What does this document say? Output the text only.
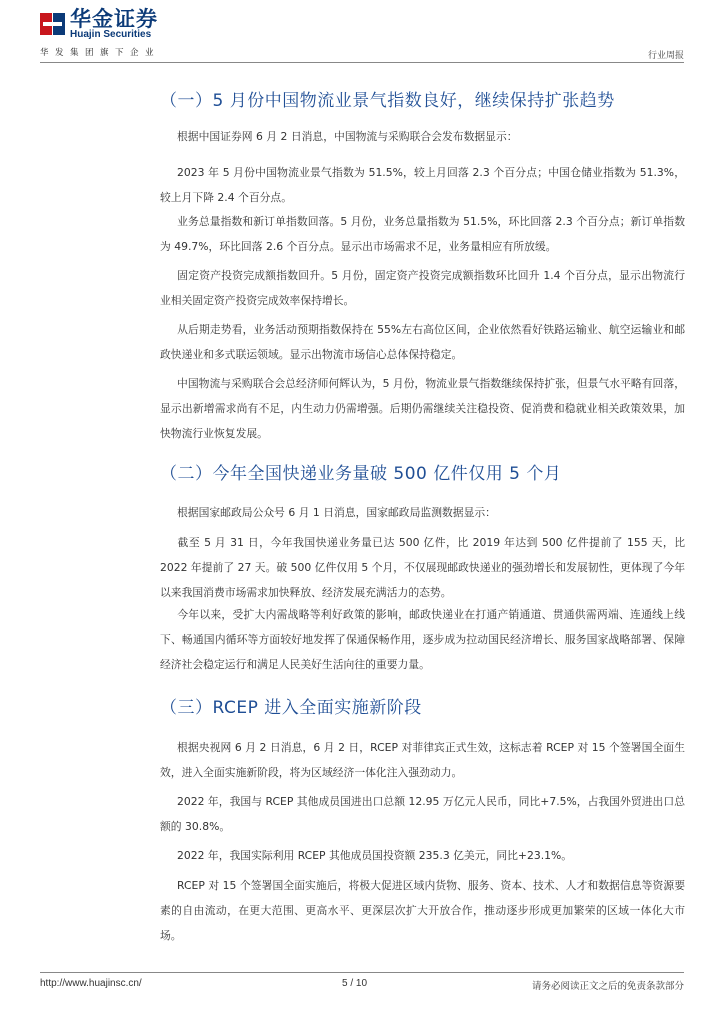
华金证券
Huajin Securities
华发集团旗下企业	行业周报
（一）5 月份中国物流业景气指数良好，继续保持扩张趋势

根据中国证券网 6 月 2 日消息，中国物流与采购联合会发布数据显示：

2023 年 5 月份中国物流业景气指数为 51.5%，较上月回落 2.3 个百分点；中国仓储业指数为 51.3%，较上月下降 2.4 个百分点。

业务总量指数和新订单指数回落。5 月份，业务总量指数为 51.5%，环比回落 2.3 个百分点；新订单指数为 49.7%，环比回落 2.6 个百分点。显示出市场需求不足，业务量相应有所放缓。

固定资产投资完成额指数回升。5 月份，固定资产投资完成额指数环比回升 1.4 个百分点，显示出物流行业相关固定资产投资完成效率保持增长。

从后期走势看，业务活动预期指数保持在 55%左右高位区间，企业依然看好铁路运输业、航空运输业和邮政快递业和多式联运领域。显示出物流市场信心总体保持稳定。

中国物流与采购联合会总经济师何辉认为，5 月份，物流业景气指数继续保持扩张，但景气水平略有回落，显示出新增需求尚有不足，内生动力仍需增强。后期仍需继续关注稳投资、促消费和稳就业相关政策效果，加快物流行业恢复发展。

（二）今年全国快递业务量破 500 亿件仅用 5 个月

根据国家邮政局公众号 6 月 1 日消息，国家邮政局监测数据显示：

截至 5 月 31 日，今年我国快递业务量已达 500 亿件，比 2019 年达到 500 亿件提前了 155 天，比 2022 年提前了 27 天。破 500 亿件仅用 5 个月，不仅展现邮政快递业的强劲增长和发展韧性，更体现了今年以来我国消费市场需求加快释放、经济发展充满活力的态势。

今年以来，受扩大内需战略等利好政策的影响，邮政快递业在打通产销通道、贯通供需两端、连通线上线下、畅通国内循环等方面较好地发挥了保通保畅作用，逐步成为拉动国民经济增长、服务国家战略部署、保障经济社会稳定运行和满足人民美好生活向往的重要力量。

（三）RCEP 进入全面实施新阶段

根据央视网 6 月 2 日消息，6 月 2 日，RCEP 对菲律宾正式生效，这标志着 RCEP 对 15 个签署国全面生效，进入全面实施新阶段，将为区域经济一体化注入强劲动力。

2022 年，我国与 RCEP 其他成员国进出口总额 12.95 万亿元人民币，同比+7.5%，占我国外贸进出口总额的 30.8%。

2022 年，我国实际利用 RCEP 其他成员国投资额 235.3 亿美元，同比+23.1%。

RCEP 对 15 个签署国全面实施后，将极大促进区域内货物、服务、资本、技术、人才和数据信息等资源要素的自由流动，在更大范围、更高水平、更深层次扩大开放合作，推动逐步形成更加繁荣的区域一体化大市场。

http://www.huajinsc.cn/	5 / 10	请务必阅读正文之后的免责条款部分
